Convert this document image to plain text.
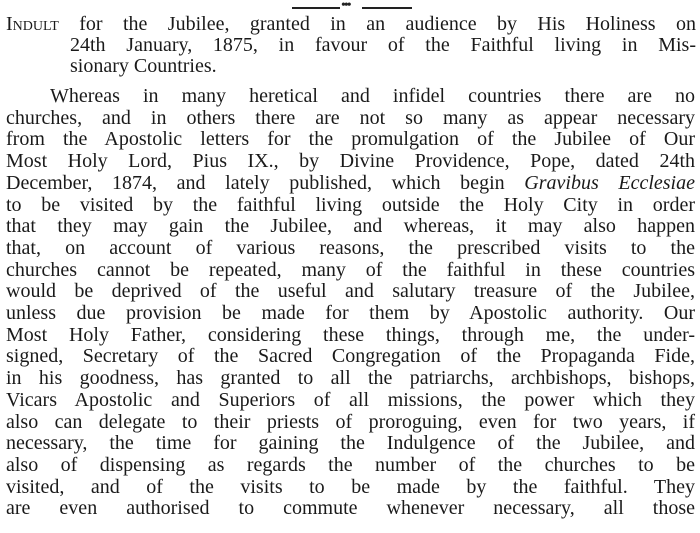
•••
Indult for the Jubilee, granted in an audience by His Holiness on
24th January, 1875, in favour of the Faithful living in Mis-
sionary Countries.
Whereas in many heretical and infidel countries there are no
churches, and in others there are not so many as appear necessary
from the Apostolic letters for the promulgation of the Jubilee of Our
Most Holy Lord, Pius IX., by Divine Providence, Pope, dated 24th
December, 1874, and lately published, which begin Gravibus Ecclesiae
to be visited by the faithful living outside the Holy City in order
that they may gain the Jubilee, and whereas, it may also happen
that, on account of various reasons, the prescribed visits to the
churches cannot be repeated, many of the faithful in these countries
would be deprived of the useful and salutary treasure of the Jubilee,
unless due provision be made for them by Apostolic authority. Our
Most Holy Father, considering these things, through me, the under-
signed, Secretary of the Sacred Congregation of the Propaganda Fide,
in his goodness, has granted to all the patriarchs, archbishops, bishops,
Vicars Apostolic and Superiors of all missions, the power which they
also can delegate to their priests of proroguing, even for two years, if
necessary, the time for gaining the Indulgence of the Jubilee, and
also of dispensing as regards the number of the churches to be
visited, and of the visits to be made by the faithful. They
are even authorised to commute whenever necessary, all those
